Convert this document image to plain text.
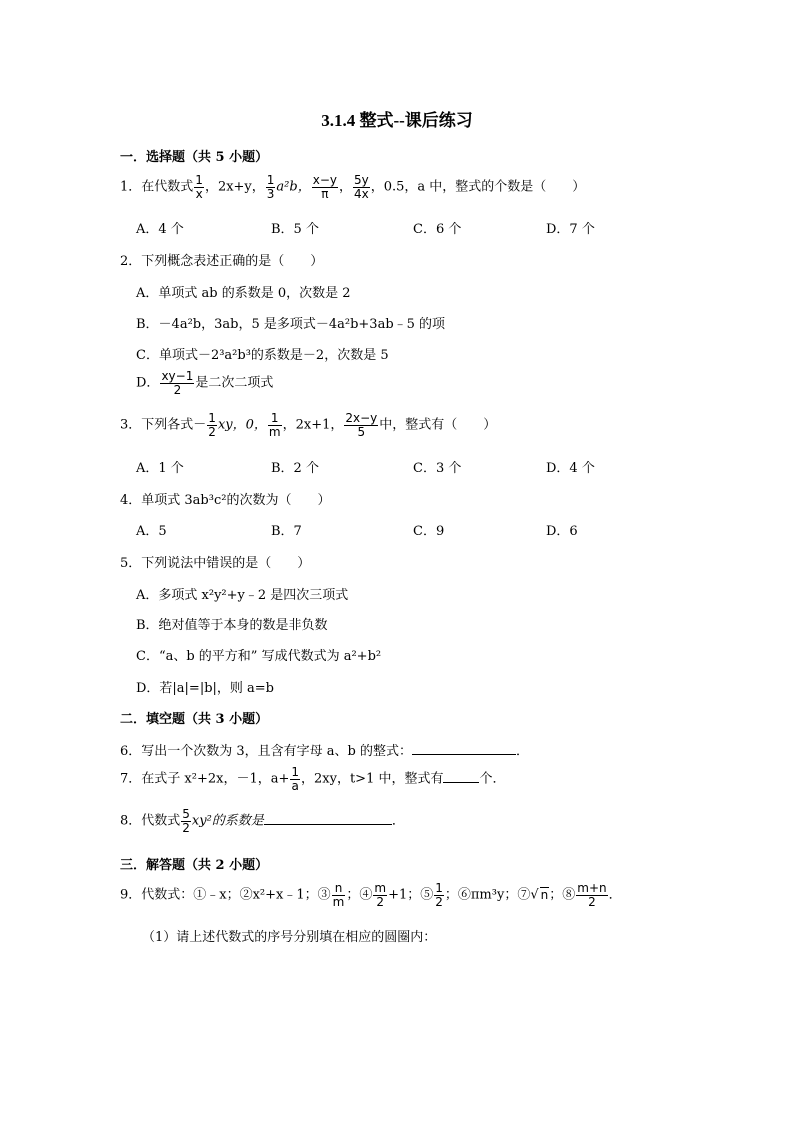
3.1.4 整式--课后练习
一．选择题（共 5 小题）
1．在代数式 $\frac{1}{x}$ ，2x+y， $\frac{1}{3} a^2b$， $\frac{x-y}{\pi}$ ， $\frac{5y}{4x}$ ，0.5，a 中，整式的个数是（　　）
A．4 个	B．5 个	C．6 个	D．7 个
2．下列概念表述正确的是（　　）
A．单项式 ab 的系数是 0，次数是 2
B．－4a²b，3ab，5 是多项式－4a²b+3ab﹣5 的项
C．单项式－2³a²b³的系数是－2，次数是 5
D． $\frac{xy-1}{2}$ 是二次二项式
3．下列各式－ $\frac{1}{2}$ xy，0， $\frac{1}{m}$ ，2x+1， $\frac{2x-y}{5}$ 中，整式有（　　）
A．1 个	B．2 个	C．3 个	D．4 个
4．单项式 3ab³c²的次数为（　　）
A．5	B．7	C．9	D．6
5．下列说法中错误的是（　　）
A．多项式 x²y²+y﹣2 是四次三项式
B．绝对值等于本身的数是非负数
C．“a、b 的平方和” 写成代数式为 a²+b²
D．若|a|=|b|，则 a=b
二．填空题（共 3 小题）
6．写出一个次数为 3，且含有字母 a、b 的整式：	．
7．在式子 x²+2x，－1，$a+ \frac{1}{a}$ ，2xy，t>1 中，整式有	个．
8．代数式 $\frac{5}{2} xy^2$的系数是	．
三．解答题（共 2 小题）
9．代数式：①﹣x；②x²+x﹣1；③ $\frac{n}{m}$ ；④ $\frac{m}{2} +1$；⑤ $\frac{1}{2}$ ；⑥πm³y；⑦√ n；⑧ $\frac{m+n}{2}$ ．
（1）请上述代数式的序号分别填在相应的圆圈内：
